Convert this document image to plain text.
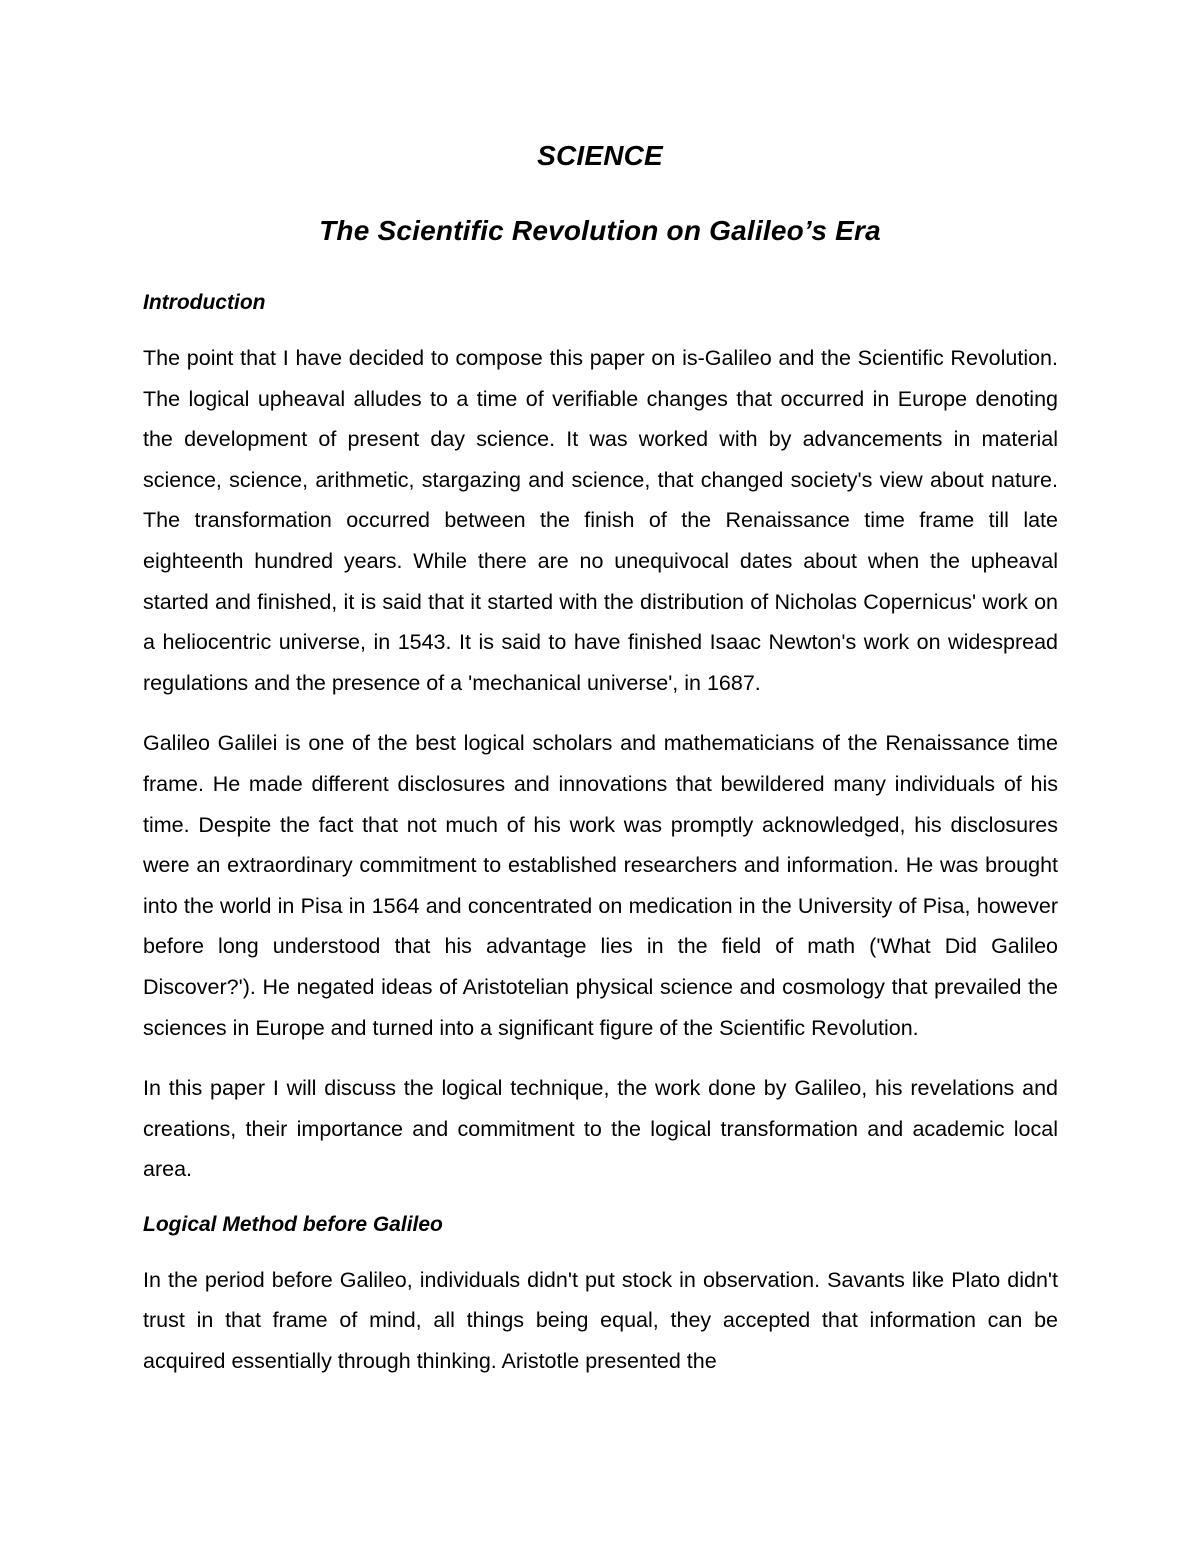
SCIENCE
The Scientific Revolution on Galileo’s Era
Introduction

The point that I have decided to compose this paper on is-Galileo and the Scientific Revolution. The logical upheaval alludes to a time of verifiable changes that occurred in Europe denoting the development of present day science. It was worked with by advancements in material science, science, arithmetic, stargazing and science, that changed society's view about nature. The transformation occurred between the finish of the Renaissance time frame till late eighteenth hundred years. While there are no unequivocal dates about when the upheaval started and finished, it is said that it started with the distribution of Nicholas Copernicus' work on a heliocentric universe, in 1543. It is said to have finished Isaac Newton's work on widespread regulations and the presence of a 'mechanical universe', in 1687.

Galileo Galilei is one of the best logical scholars and mathematicians of the Renaissance time frame. He made different disclosures and innovations that bewildered many individuals of his time. Despite the fact that not much of his work was promptly acknowledged, his disclosures were an extraordinary commitment to established researchers and information. He was brought into the world in Pisa in 1564 and concentrated on medication in the University of Pisa, however before long understood that his advantage lies in the field of math ('What Did Galileo Discover?'). He negated ideas of Aristotelian physical science and cosmology that prevailed the sciences in Europe and turned into a significant figure of the Scientific Revolution.

In this paper I will discuss the logical technique, the work done by Galileo, his revelations and creations, their importance and commitment to the logical transformation and academic local area.

Logical Method before Galileo

In the period before Galileo, individuals didn't put stock in observation. Savants like Plato didn't trust in that frame of mind, all things being equal, they accepted that information can be acquired essentially through thinking. Aristotle presented the
